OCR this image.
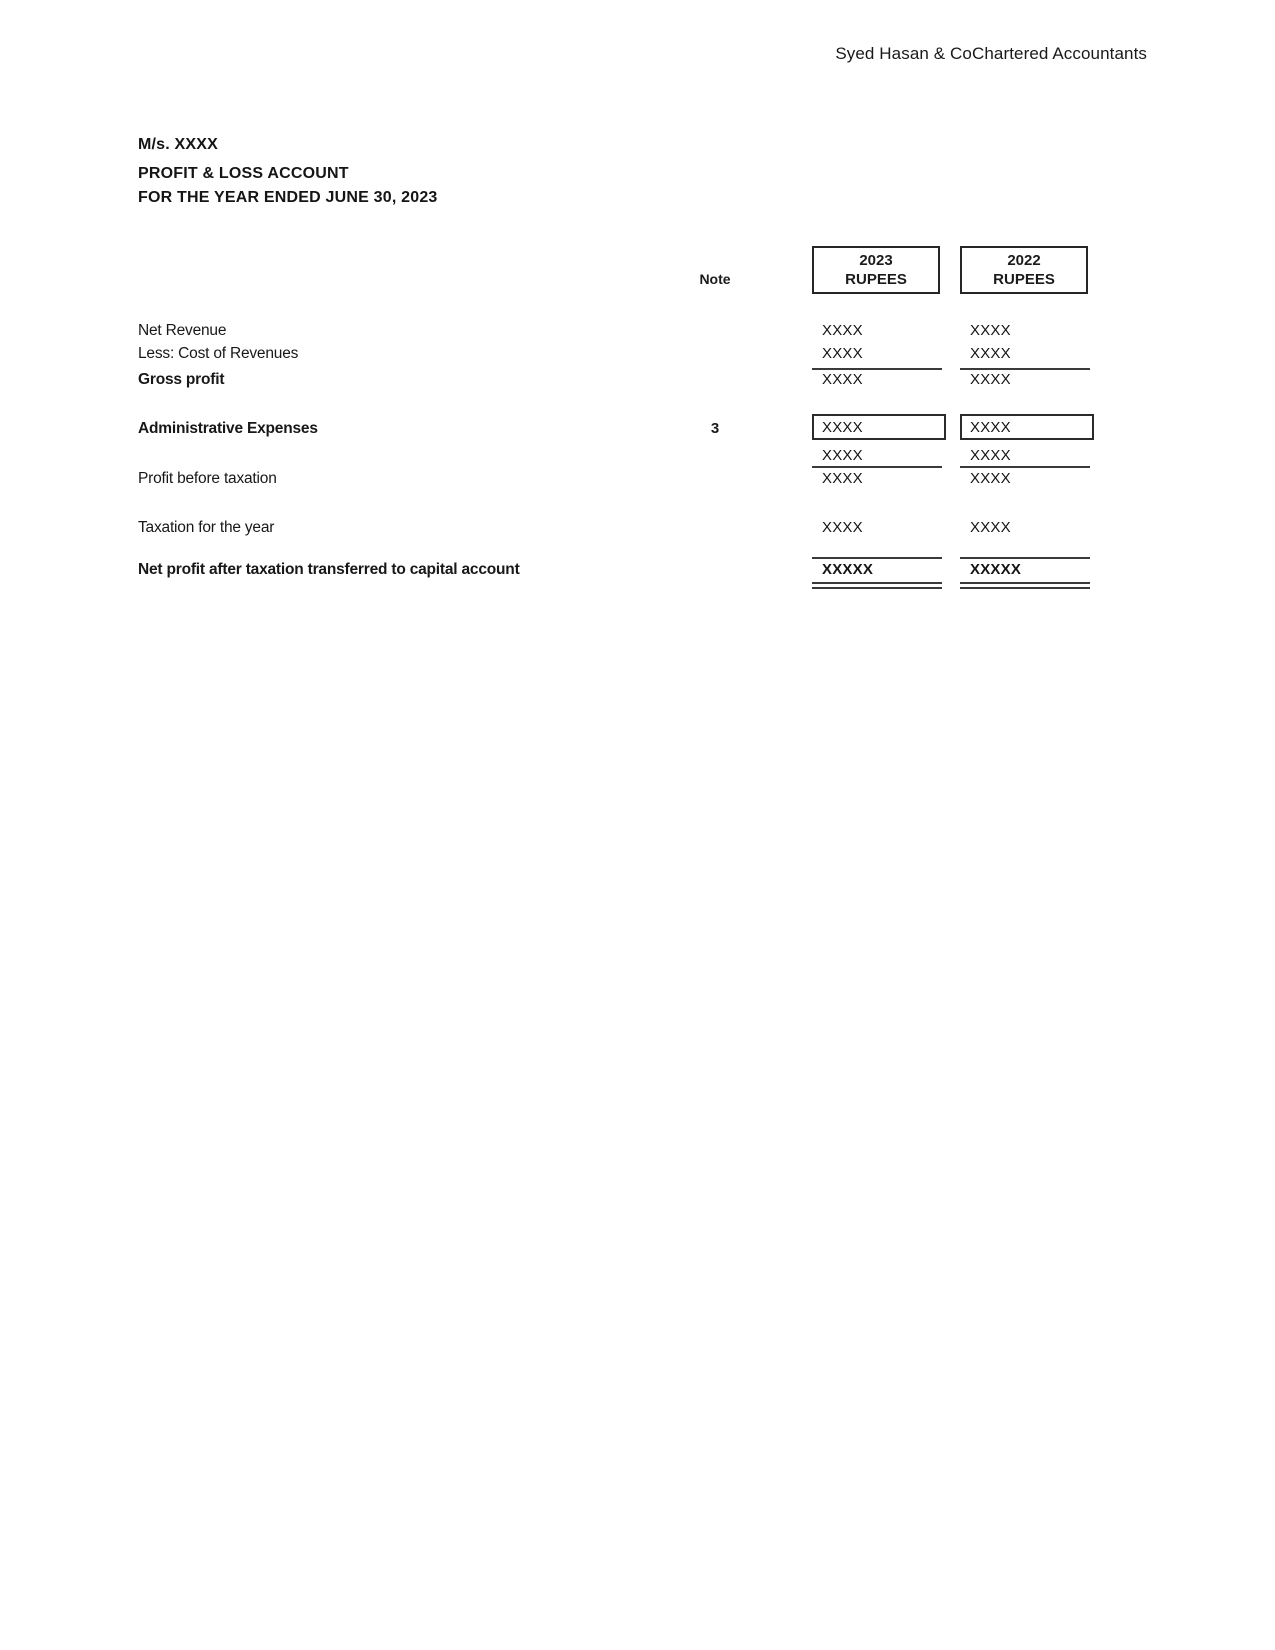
Syed Hasan & CoChartered Accountants
M/s. XXXX
PROFIT & LOSS ACCOUNT
FOR THE YEAR ENDED JUNE 30, 2023
Note
2023
RUPEES
2022
RUPEES
Net Revenue	XXXX	XXXX
Less: Cost of Revenues	XXXX	XXXX
Gross profit	XXXX	XXXX
Administrative Expenses	3	XXXX	XXXX
XXXX	XXXX
Profit before taxation	XXXX	XXXX
Taxation for the year	XXXX	XXXX
Net profit after taxation transferred to capital account	XXXXX	XXXXX
